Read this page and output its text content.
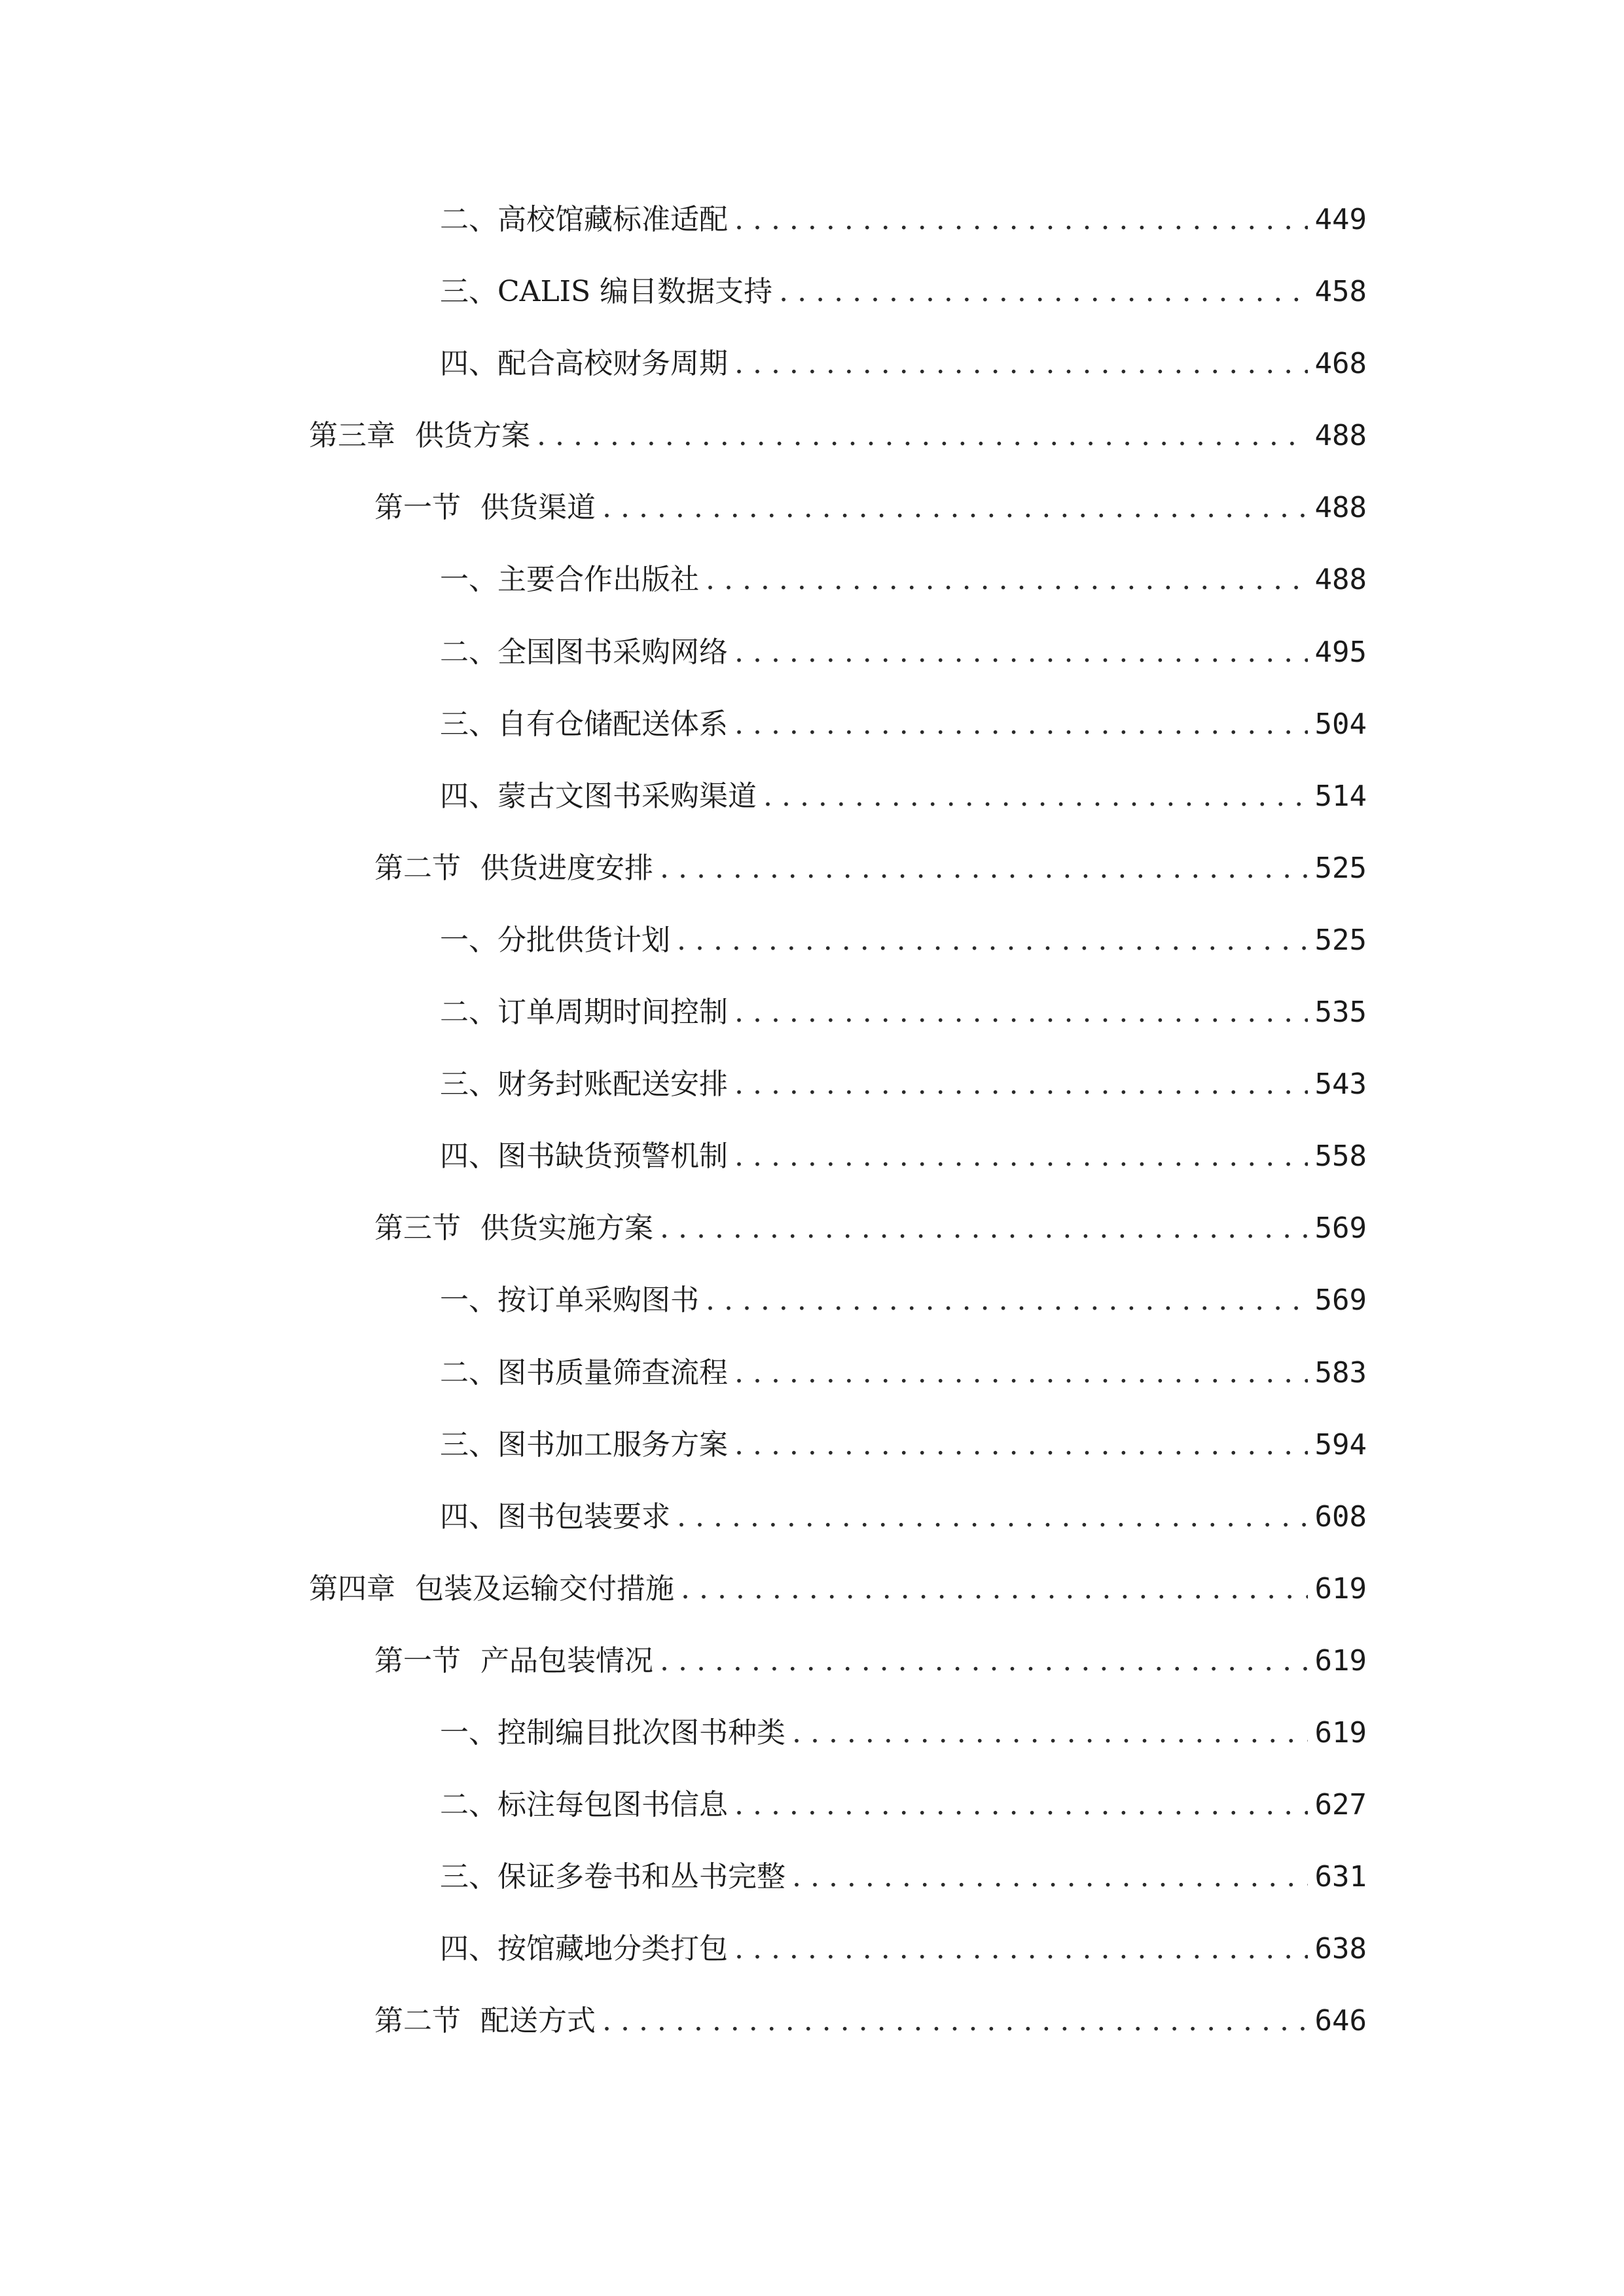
二、 高校馆藏标准适配 . . .	449
三、 CALIS 编目数据支持 . . .	458
四、 配合高校财务周期 . . .	468
第三章 供货方案 . . .	488
第一节 供货渠道 . . .	488
一、 主要合作出版社 . . .	488
二、 全国图书采购网络 . . .	495
三、 自有仓储配送体系 . . .	504
四、 蒙古文图书采购渠道 . . .	514
第二节 供货进度安排 . . .	525
一、 分批供货计划 . . .	525
二、 订单周期时间控制 . . .	535
三、 财务封账配送安排 . . .	543
四、 图书缺货预警机制 . . .	558
第三节 供货实施方案 . . .	569
一、 按订单采购图书 . . .	569
二、 图书质量筛查流程 . . .	583
三、 图书加工服务方案 . . .	594
四、 图书包装要求 . . .	608
第四章 包装及运输交付措施 . . .	619
第一节 产品包装情况 . . .	619
一、 控制编目批次图书种类 . . .	619
二、 标注每包图书信息 . . .	627
三、 保证多卷书和丛书完整 . . .	631
四、 按馆藏地分类打包 . . .	638
第二节 配送方式 . . .	646
